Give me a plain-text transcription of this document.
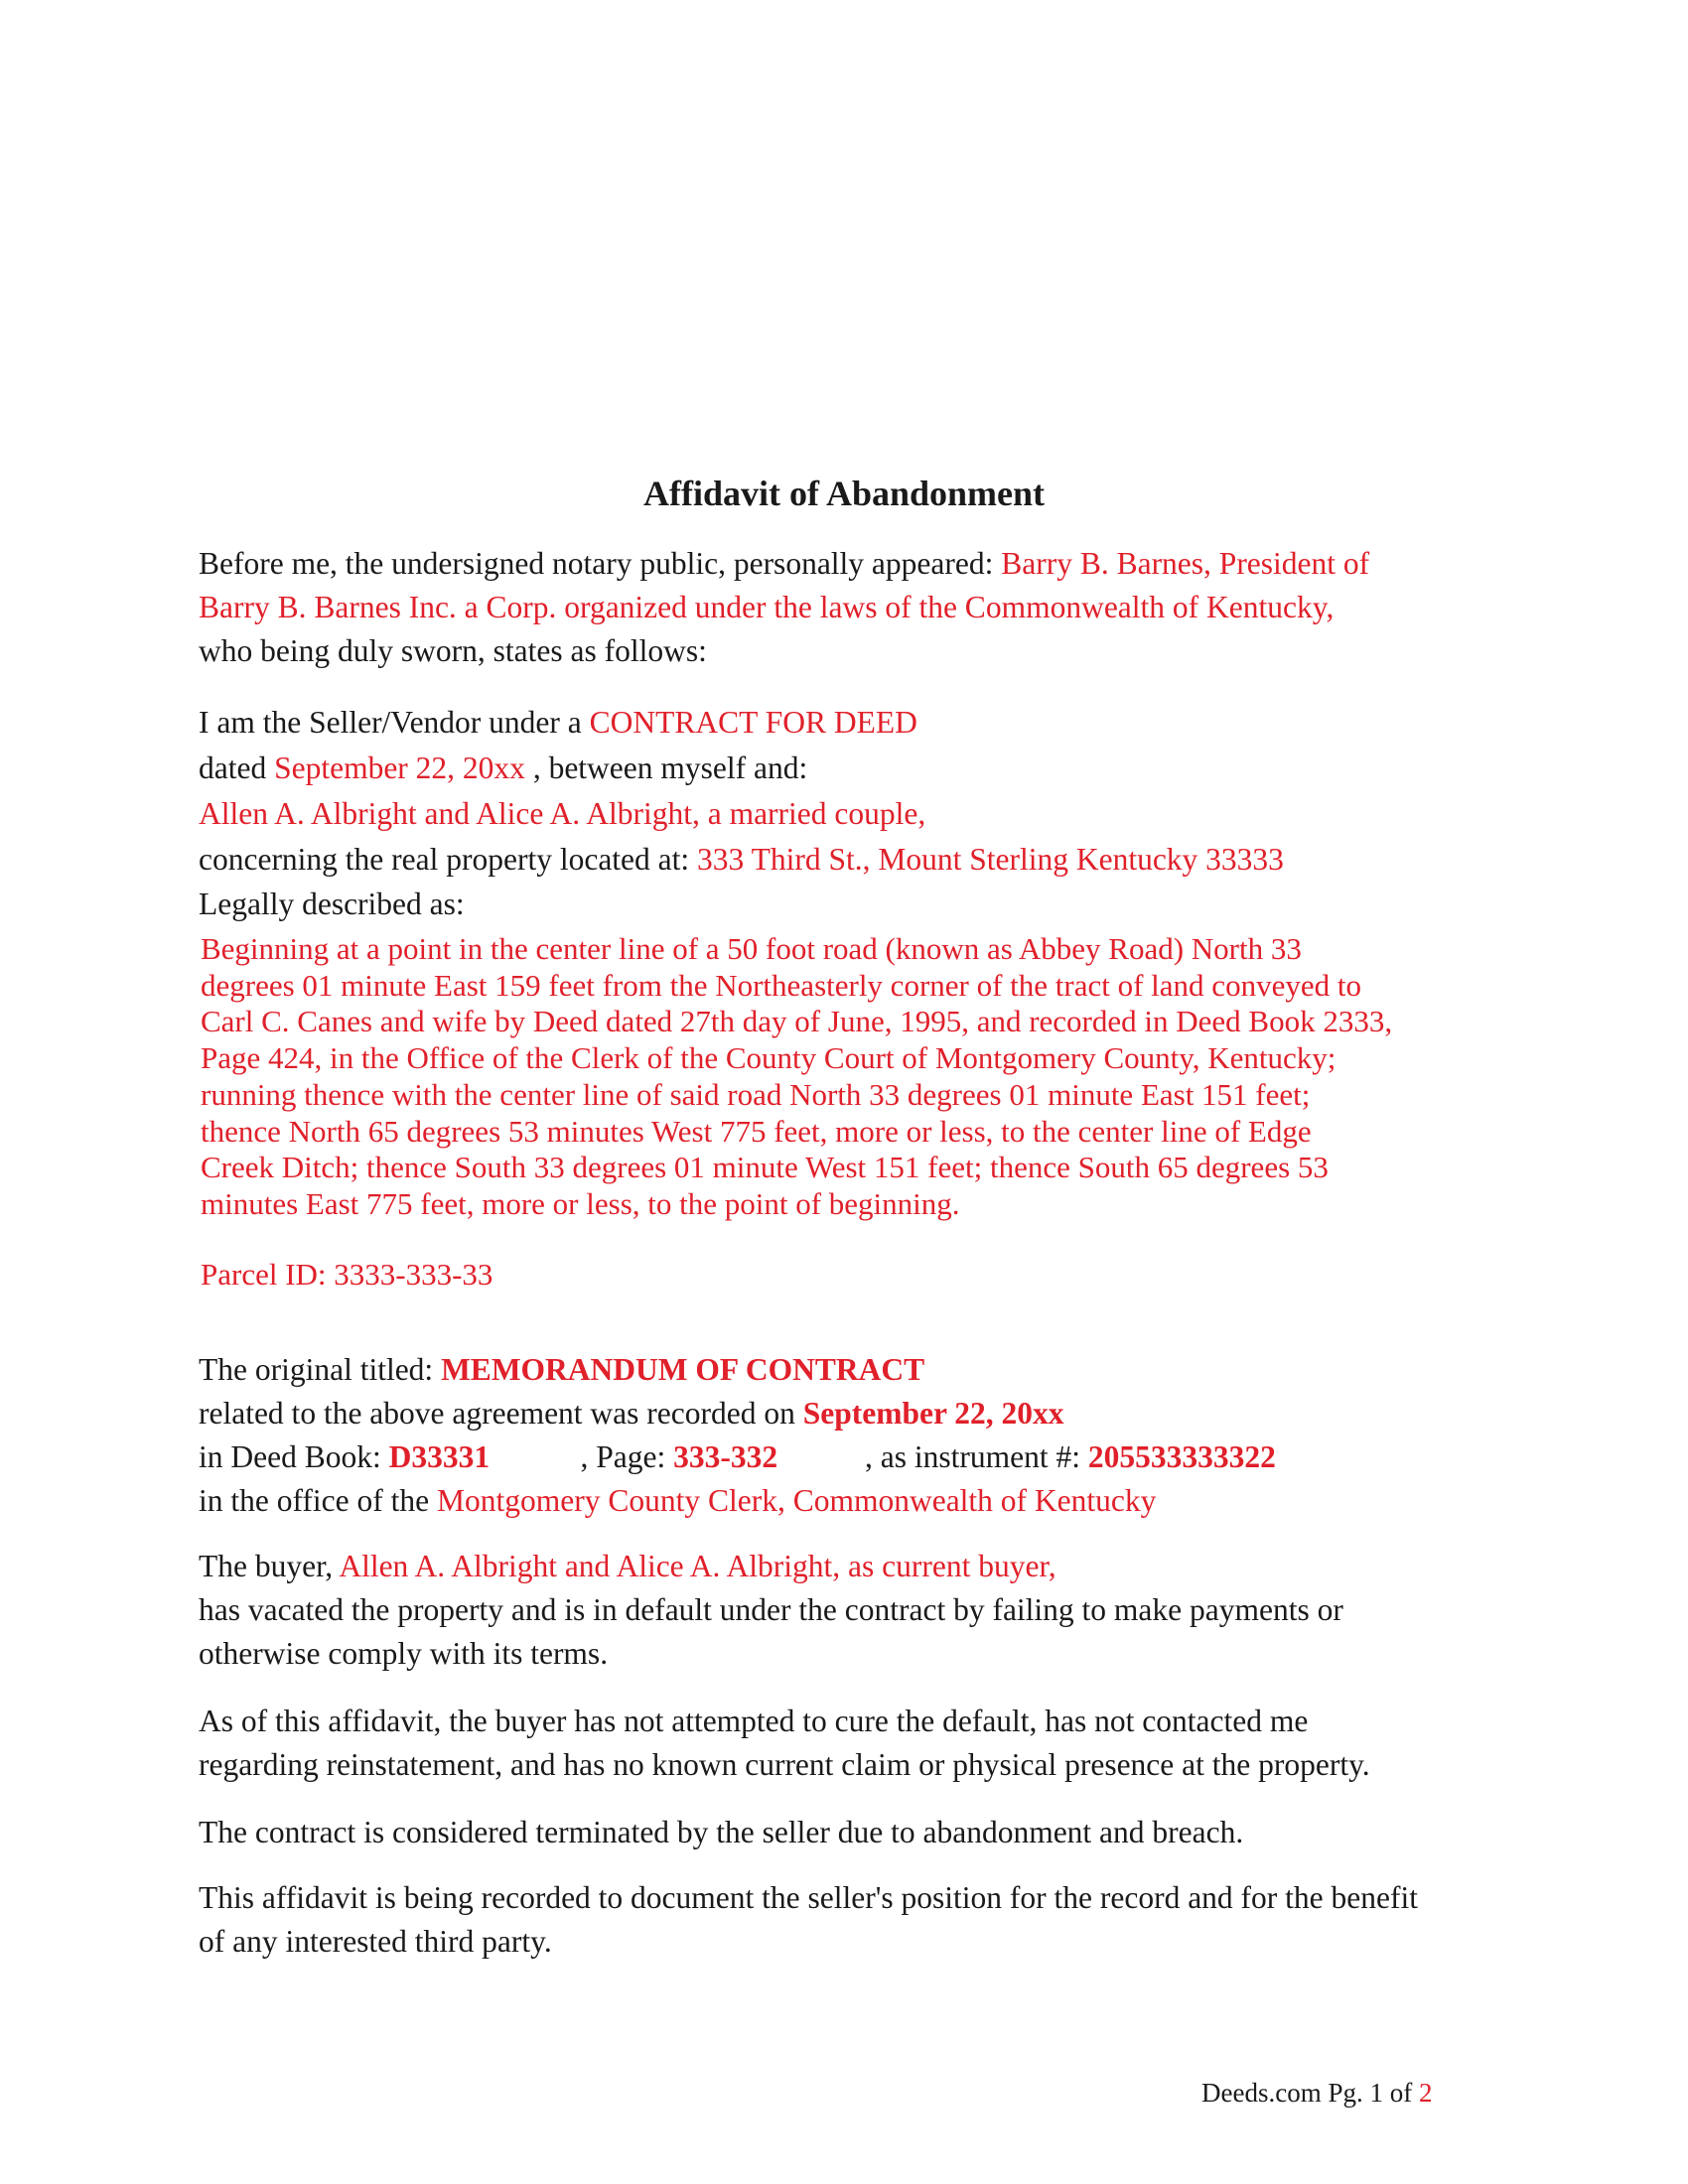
Affidavit of Abandonment
Before me, the undersigned notary public, personally appeared: Barry B. Barnes, President of
Barry B. Barnes Inc. a Corp. organized under the laws of the Commonwealth of Kentucky,
who being duly sworn, states as follows:
I am the Seller/Vendor under a CONTRACT FOR DEED
dated September 22, 20xx , between myself and:
Allen A. Albright and Alice A. Albright, a married couple,
concerning the real property located at: 333 Third St., Mount Sterling Kentucky 33333
Legally described as:
Beginning at a point in the center line of a 50 foot road (known as Abbey Road) North 33
degrees 01 minute East 159 feet from the Northeasterly corner of the tract of land conveyed to
Carl C. Canes and wife by Deed dated 27th day of June, 1995, and recorded in Deed Book 2333,
Page 424, in the Office of the Clerk of the County Court of Montgomery County, Kentucky;
running thence with the center line of said road North 33 degrees 01 minute East 151 feet;
thence North 65 degrees 53 minutes West 775 feet, more or less, to the center line of Edge
Creek Ditch; thence South 33 degrees 01 minute West 151 feet; thence South 65 degrees 53
minutes East 775 feet, more or less, to the point of beginning.
Parcel ID: 3333-333-33
The original titled: MEMORANDUM OF CONTRACT
related to the above agreement was recorded on September 22, 20xx
in Deed Book: D33331	, Page: 333-332	, as instrument #: 205533333322
in the office of the Montgomery County Clerk, Commonwealth of Kentucky
The buyer, Allen A. Albright and Alice A. Albright, as current buyer,
has vacated the property and is in default under the contract by failing to make payments or
otherwise comply with its terms.
As of this affidavit, the buyer has not attempted to cure the default, has not contacted me
regarding reinstatement, and has no known current claim or physical presence at the property.
The contract is considered terminated by the seller due to abandonment and breach.
This affidavit is being recorded to document the seller's position for the record and for the benefit
of any interested third party.
Deeds.com Pg. 1 of 2
